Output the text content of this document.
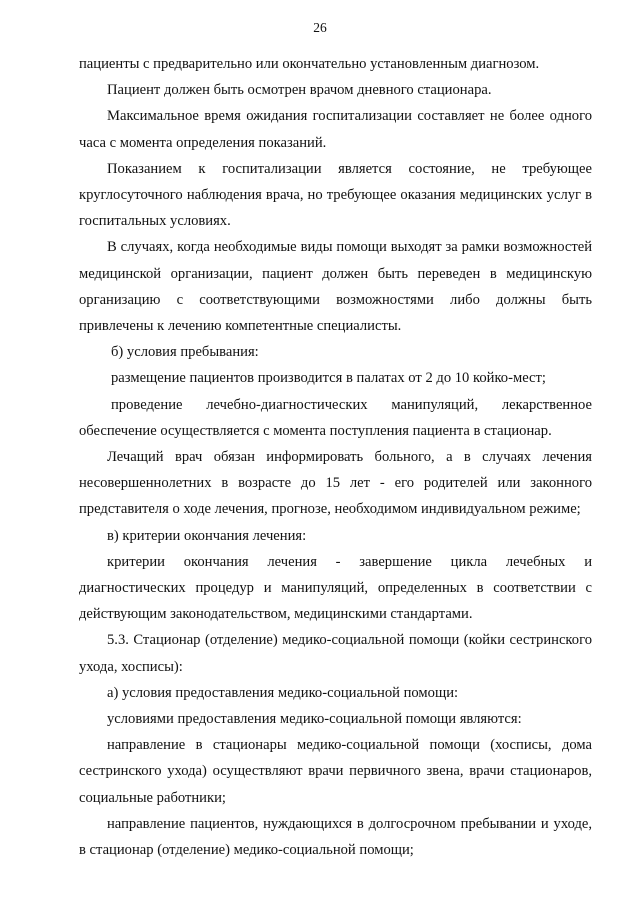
26

пациенты с предварительно или окончательно установленным диагнозом.

Пациент должен быть осмотрен врачом дневного стационара.

Максимальное время ожидания госпитализации составляет не более одного часа с момента определения показаний.

Показанием к госпитализации является состояние, не требующее круглосуточного наблюдения врача, но требующее оказания медицинских услуг в госпитальных условиях.

В случаях, когда необходимые виды помощи выходят за рамки возможностей медицинской организации, пациент должен быть переведен в медицинскую организацию с соответствующими возможностями либо должны быть привлечены к лечению компетентные специалисты.

б) условия пребывания:

размещение пациентов производится в палатах от 2 до 10 койко-мест;

проведение лечебно-диагностических манипуляций, лекарственное обеспечение осуществляется с момента поступления пациента в стационар.

Лечащий врач обязан информировать больного, а в случаях лечения несовершеннолетних в возрасте до 15 лет - его родителей или законного представителя о ходе лечения, прогнозе, необходимом индивидуальном режиме;

в) критерии окончания лечения:

критерии окончания лечения - завершение цикла лечебных и диагностических процедур и манипуляций, определенных в соответствии с действующим законодательством, медицинскими стандартами.

5.3. Стационар (отделение) медико-социальной помощи (койки сестринского ухода, хосписы):

а) условия предоставления медико-социальной помощи:

условиями предоставления медико-социальной помощи являются:

направление в стационары медико-социальной помощи (хосписы, дома сестринского ухода) осуществляют врачи первичного звена, врачи стационаров, социальные работники;

направление пациентов, нуждающихся в долгосрочном пребывании и уходе, в стационар (отделение) медико-социальной помощи;
